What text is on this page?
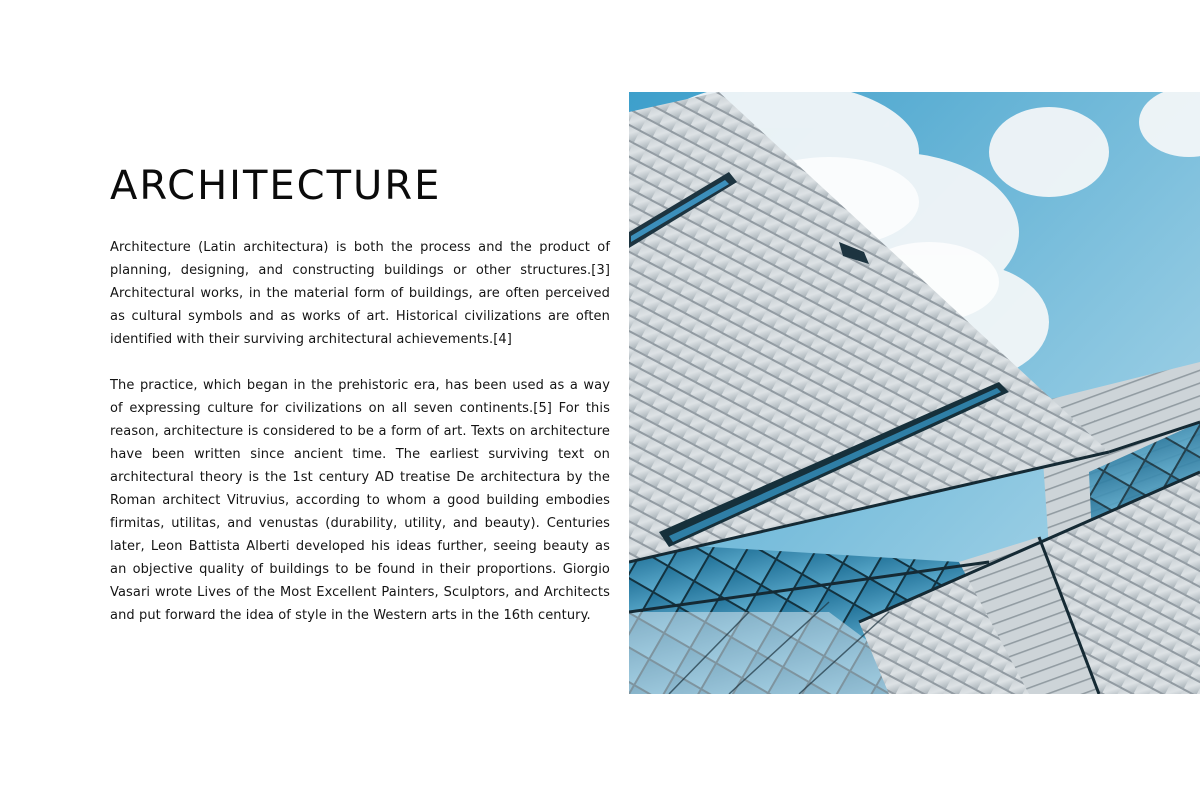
ARCHITECTURE

Architecture (Latin architectura) is both the process and the product of planning, designing, and constructing buildings or other structures.[3] Architectural works, in the material form of buildings, are often perceived as cultural symbols and as works of art. Historical civilizations are often identified with their surviving architectural achievements.[4]

The practice, which began in the prehistoric era, has been used as a way of expressing culture for civilizations on all seven continents.[5] For this reason, architecture is considered to be a form of art. Texts on architecture have been written since ancient time. The earliest surviving text on architectural theory is the 1st century AD treatise De architectura by the Roman architect Vitruvius, according to whom a good building embodies firmitas, utilitas, and venustas (durability, utility, and beauty). Centuries later, Leon Battista Alberti developed his ideas further, seeing beauty as an objective quality of buildings to be found in their proportions. Giorgio Vasari wrote Lives of the Most Excellent Painters, Sculptors, and Architects and put forward the idea of style in the Western arts in the 16th century.
